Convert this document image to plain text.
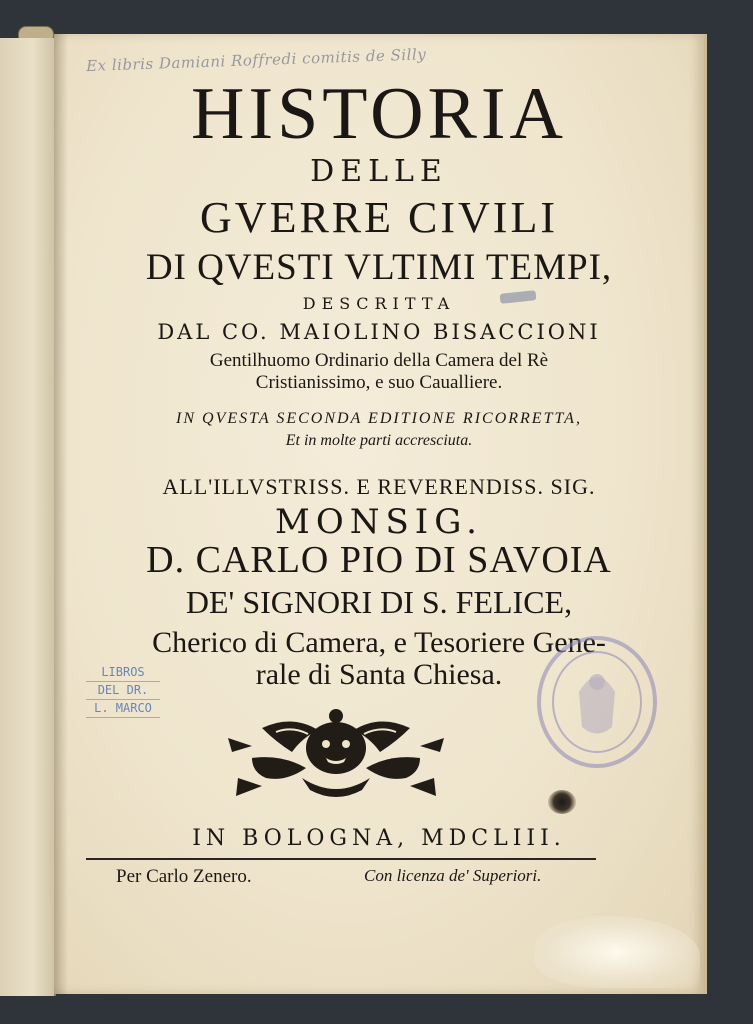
Ex libris Damiani Roffredi comitis de Silly
HISTORIA
DELLE
GVERRE CIVILI
DI QVESTI VLTIMI TEMPI,
DESCRITTA
DAL CO. MAIOLINO BISACCIONI
Gentilhuomo Ordinario della Camera del Rè
Cristianissimo, e suo Caualliere.
IN QVESTA SECONDA EDITIONE RICORRETTA,
Et in molte parti accresciuta.
ALL'ILLVSTRISS. E REVERENDISS. SIG.
MONSIG.
D. CARLO PIO DI SAVOIA
DE' SIGNORI DI S. FELICE,
Cherico di Camera, e Tesoriere Gene-
rale di Santa Chiesa.
LIBROS
DEL DR.
L. MARCO
IN BOLOGNA, MDCLIII.
Per Carlo Zenero.	Con licenza de' Superiori.
